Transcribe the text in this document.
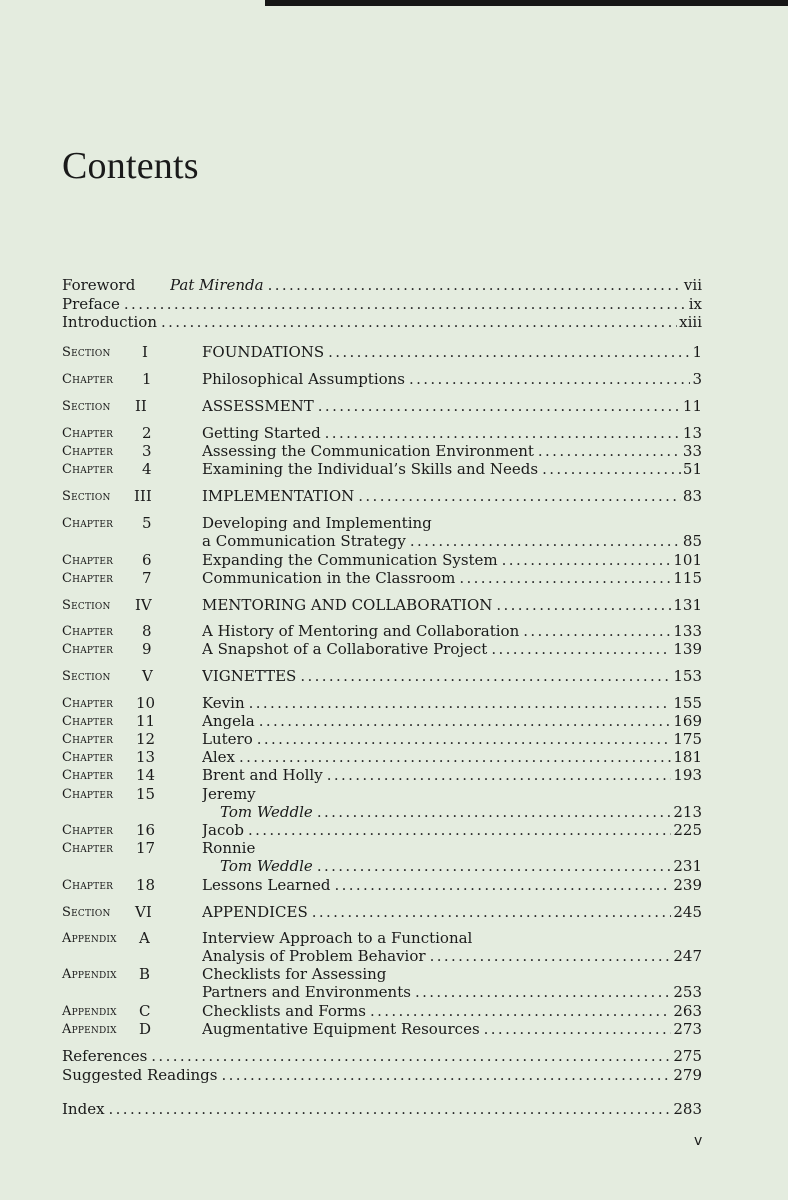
Contents
Foreword Pat Mirenda . . .	vii
Preface . . .	ix
Introduction . . .	xiii
Section I	FOUNDATIONS . . .	1
Chapter 1	Philosophical Assumptions . . .	3
Section II	ASSESSMENT . . .	11
Chapter 2	Getting Started . . .	13
Chapter 3	Assessing the Communication Environment . . .	33
Chapter 4	Examining the Individual’s Skills and Needs . . .	51
Section III	IMPLEMENTATION . . .	83
Chapter 5	Developing and Implementing
a Communication Strategy . . .	85
Chapter 6	Expanding the Communication System . . .	101
Chapter 7	Communication in the Classroom . . .	115
Section IV	MENTORING AND COLLABORATION . . .	131
Chapter 8	A History of Mentoring and Collaboration . . .	133
Chapter 9	A Snapshot of a Collaborative Project . . .	139
Section V	VIGNETTES . . .	153
Chapter 10	Kevin . . .	155
Chapter 11	Angela . . .	169
Chapter 12	Lutero . . .	175
Chapter 13	Alex . . .	181
Chapter 14	Brent and Holly . . .	193
Chapter 15	Jeremy
Tom Weddle . . .	213
Chapter 16	Jacob . . .	225
Chapter 17	Ronnie
Tom Weddle . . .	231
Chapter 18	Lessons Learned . . .	239
Section VI	APPENDICES . . .	245
Appendix A	Interview Approach to a Functional
Analysis of Problem Behavior . . .	247
Appendix B	Checklists for Assessing
Partners and Environments . . .	253
Appendix C	Checklists and Forms . . .	263
Appendix D	Augmentative Equipment Resources . . .	273
References . . .	275
Suggested Readings . . .	279
Index . . .	283
v
